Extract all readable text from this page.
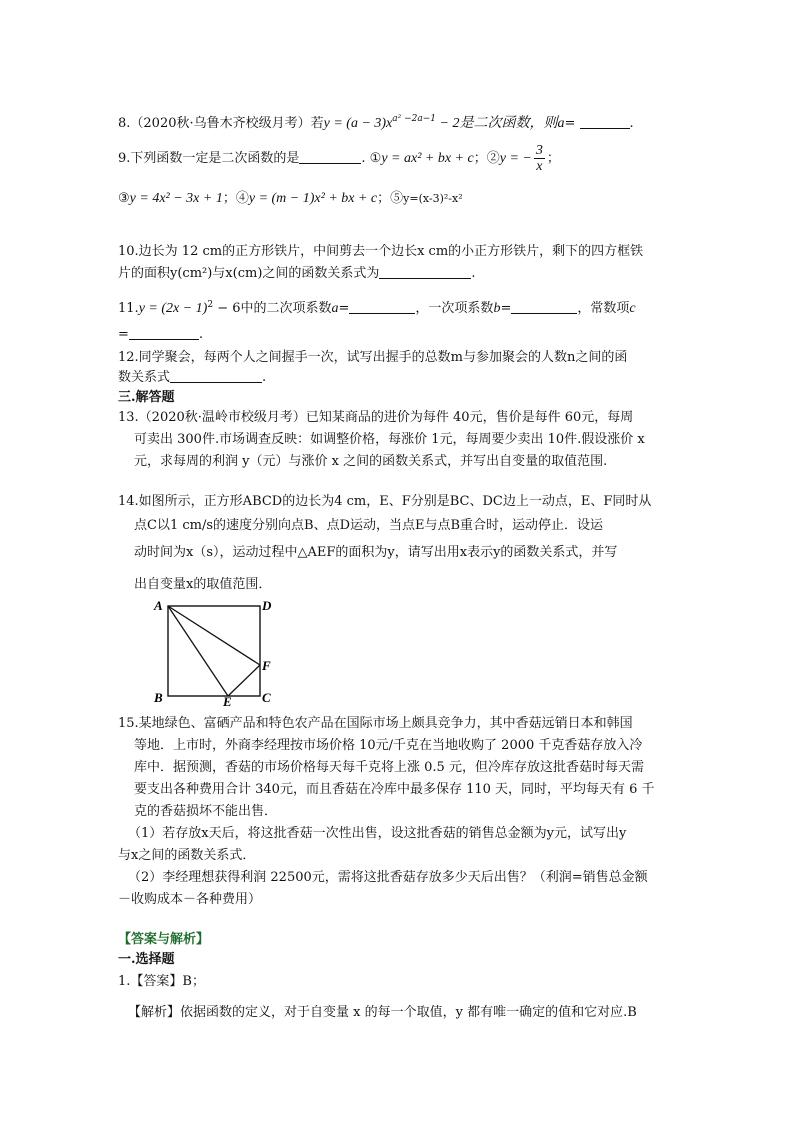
8.（2020秋·乌鲁木齐校级月考）若$y = (a - 3)x^{a^2 -2a-1} - 2$是二次函数，则a=	.
9.下列函数一定是二次函数的是	. ①y = ax² + bx + c；②y = − $\frac{3}{x}$ ；
③y = 4x² − 3x + 1；④y = (m − 1)x² + bx + c；⑤y=(x-3)²-x²
10.边长为 12 cm的正方形铁片，中间剪去一个边长x cm的小正方形铁片，剩下的四方框铁
片的面积y(cm²)与x(cm)之间的函数关系式为	.
$11.y = (2x - 1)^2 - 6$中的二次项系数a=	，一次项系数b=	，常数项c
=	.
12.同学聚会，每两个人之间握手一次，试写出握手的总数m与参加聚会的人数n之间的函
数关系式	.
三.解答题
13.（2020秋·温岭市校级月考）已知某商品的进价为每件 40元，售价是每件 60元，每周
可卖出 300件.市场调查反映：如调整价格，每涨价 1元，每周要少卖出 10件.假设涨价 x
元，求每周的利润 y（元）与涨价 x 之间的函数关系式，并写出自变量的取值范围.
14.如图所示，正方形ABCD的边长为4 cm，E、F分别是BC、DC边上一动点，E、F同时从
点C以1 cm/s的速度分别向点B、点D运动，当点E与点B重合时，运动停止．设运
动时间为x（s），运动过程中△AEF的面积为y，请写出用x表示y的函数关系式，并写
出自变量x的取值范围．
A	D
B	C
E
F
15.某地绿色、富硒产品和特色农产品在国际市场上颇具竞争力，其中香菇远销日本和韩国
等地．上市时，外商李经理按市场价格 10元/千克在当地收购了 2000 千克香菇存放入冷
库中．据预测，香菇的市场价格每天每千克将上涨 0.5 元，但冷库存放这批香菇时每天需
要支出各种费用合计 340元，而且香菇在冷库中最多保存 110 天，同时，平均每天有 6 千
克的香菇损坏不能出售．
（1）若存放x天后，将这批香菇一次性出售，设这批香菇的销售总金额为y元，试写出y
与x之间的函数关系式．
（2）李经理想获得利润 22500元，需将这批香菇存放多少天后出售？（利润=销售总金额
－收购成本－各种费用）
【答案与解析】
一.选择题
1.【答案】B；
【解析】依据函数的定义，对于自变量 x 的每一个取值，y 都有唯一确定的值和它对应.B
